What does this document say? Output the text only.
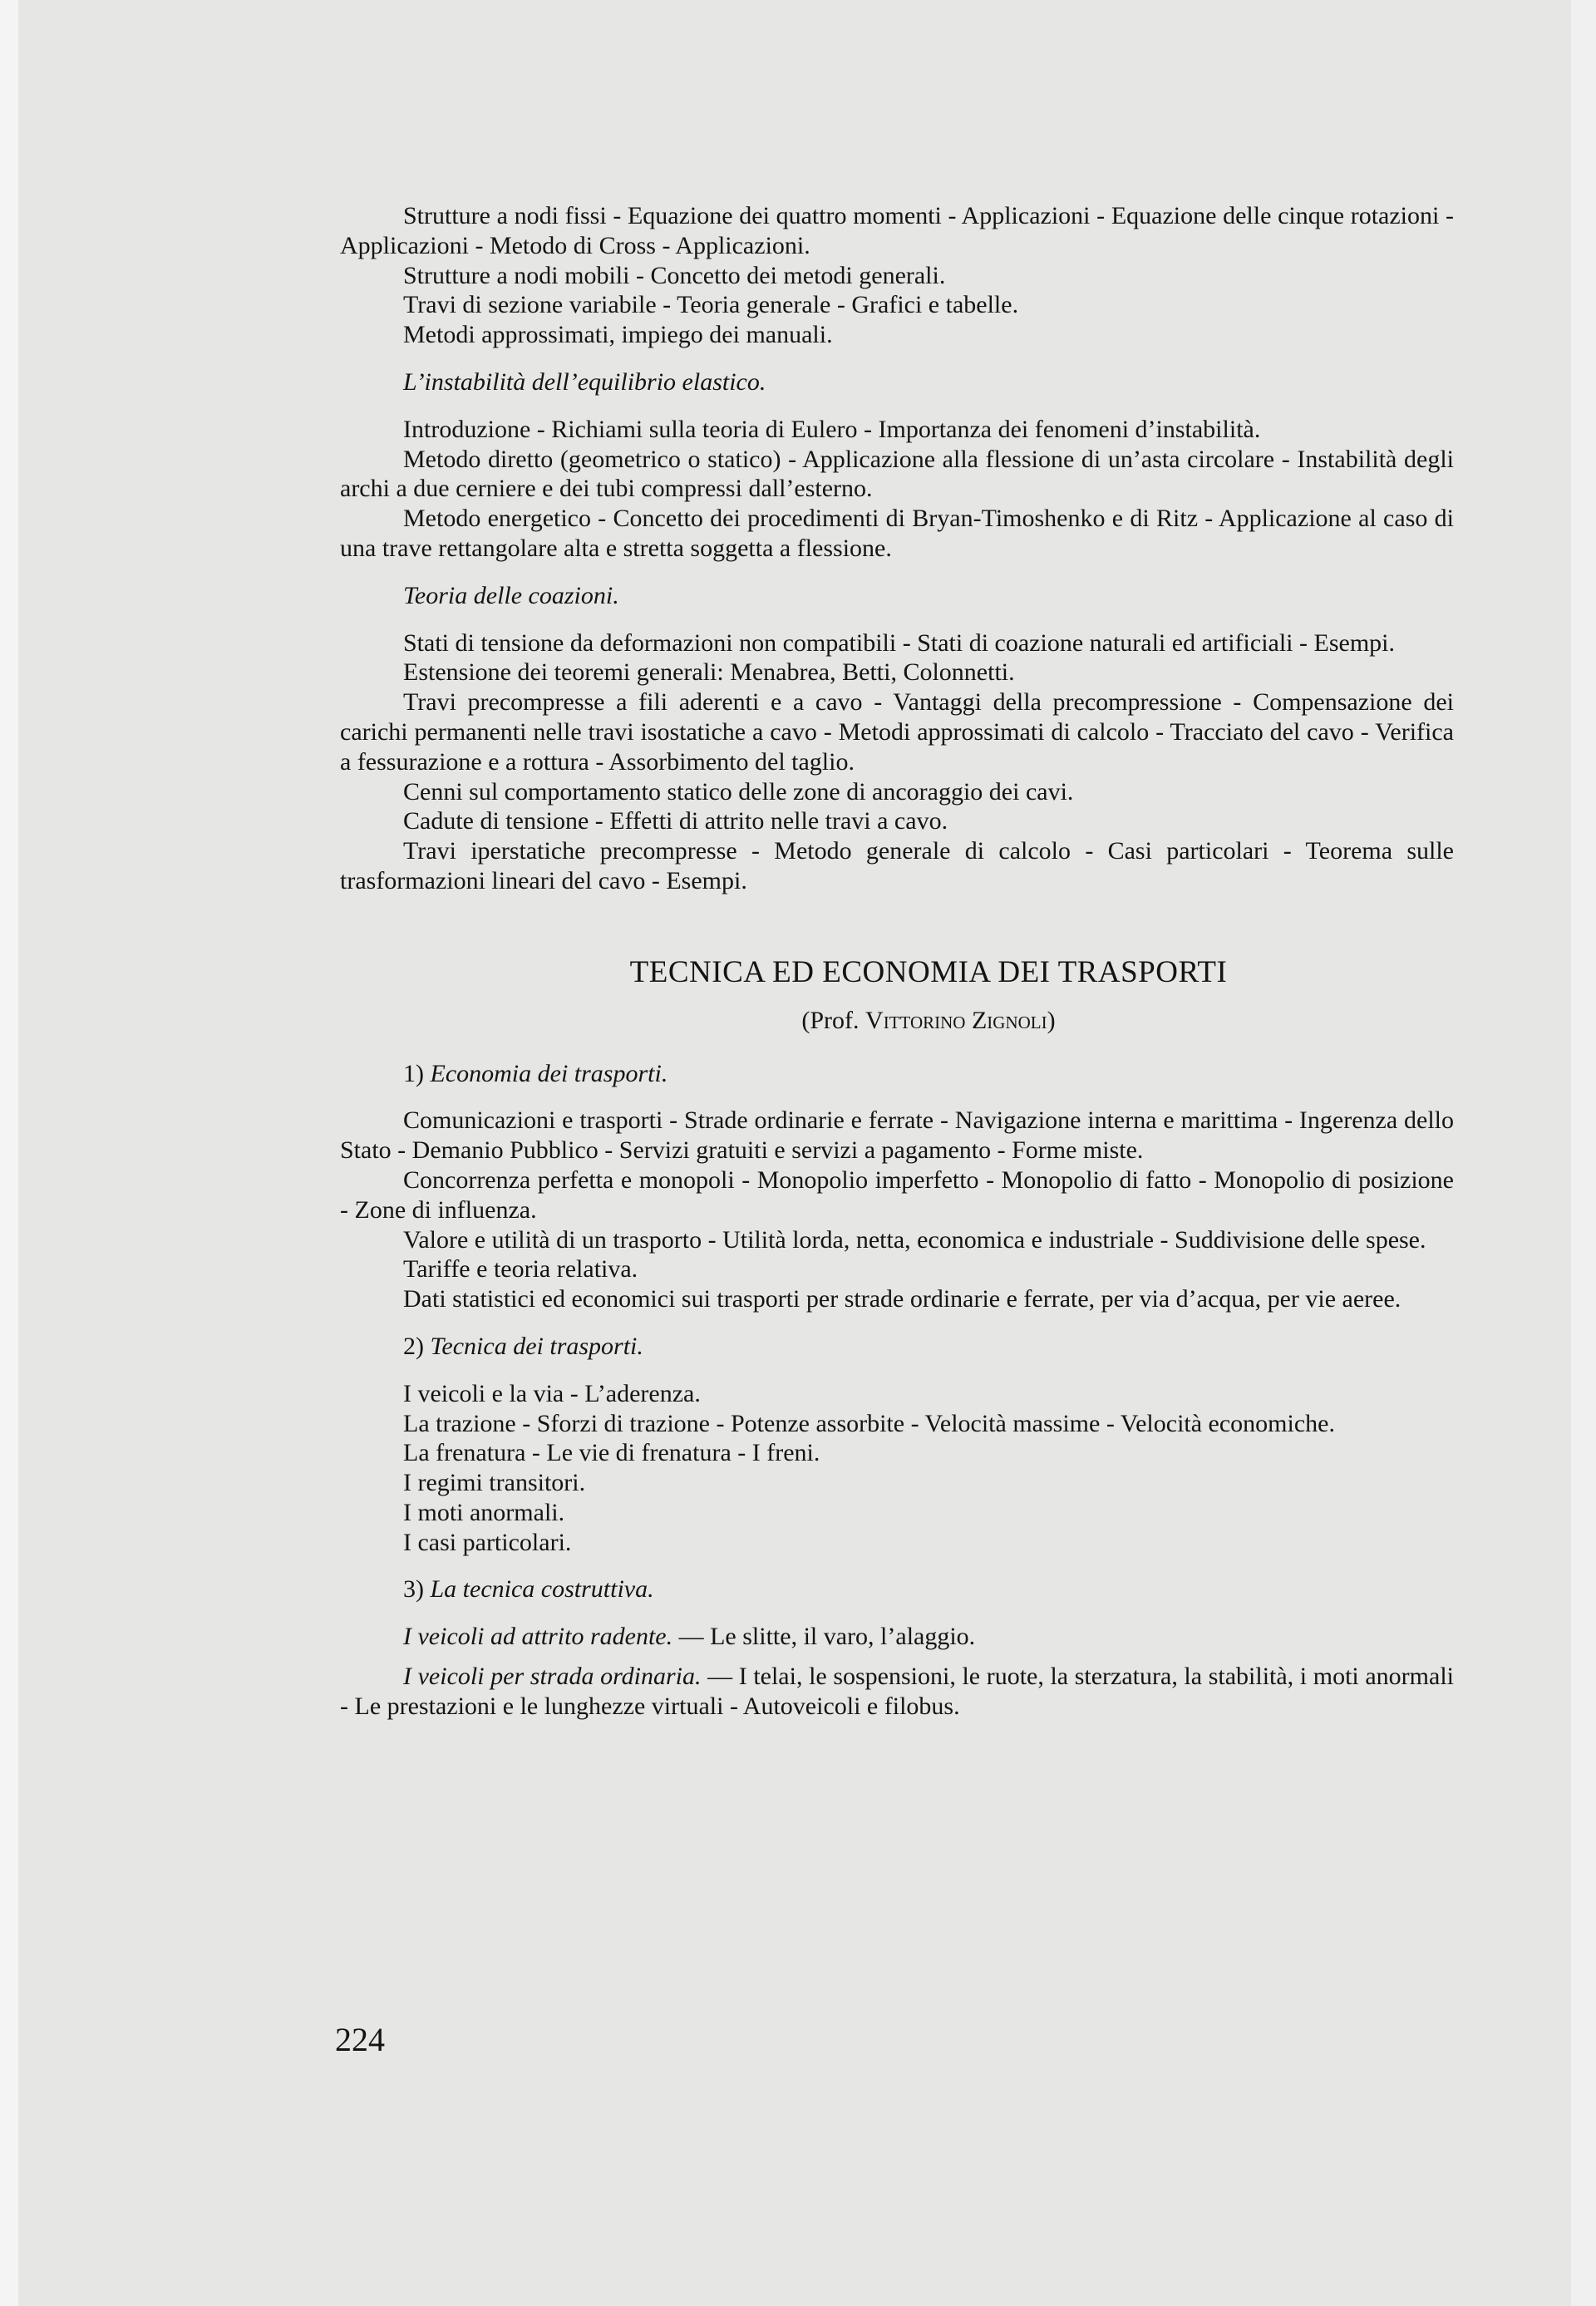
Strutture a nodi fissi - Equazione dei quattro momenti - Applicazioni - Equazione delle cinque rotazioni - Applicazioni - Metodo di Cross - Applicazioni.

Strutture a nodi mobili - Concetto dei metodi generali.

Travi di sezione variabile - Teoria generale - Grafici e tabelle.

Metodi approssimati, impiego dei manuali.

L’instabilità dell’equilibrio elastico.

Introduzione - Richiami sulla teoria di Eulero - Importanza dei fenomeni d’instabilità.

Metodo diretto (geometrico o statico) - Applicazione alla flessione di un’asta circolare - Instabilità degli archi a due cerniere e dei tubi compressi dall’esterno.

Metodo energetico - Concetto dei procedimenti di Bryan-Timoshenko e di Ritz - Applicazione al caso di una trave rettangolare alta e stretta soggetta a flessione.

Teoria delle coazioni.

Stati di tensione da deformazioni non compatibili - Stati di coazione naturali ed artificiali - Esempi.

Estensione dei teoremi generali: Menabrea, Betti, Colonnetti.

Travi precompresse a fili aderenti e a cavo - Vantaggi della precompressione - Compensazione dei carichi permanenti nelle travi isostatiche a cavo - Metodi approssimati di calcolo - Tracciato del cavo - Verifica a fessurazione e a rottura - Assorbimento del taglio.

Cenni sul comportamento statico delle zone di ancoraggio dei cavi.

Cadute di tensione - Effetti di attrito nelle travi a cavo.

Travi iperstatiche precompresse - Metodo generale di calcolo - Casi particolari - Teorema sulle trasformazioni lineari del cavo - Esempi.

TECNICA ED ECONOMIA DEI TRASPORTI

(Prof. Vittorino Zignoli)

1) Economia dei trasporti.

Comunicazioni e trasporti - Strade ordinarie e ferrate - Navigazione interna e marittima - Ingerenza dello Stato - Demanio Pubblico - Servizi gratuiti e servizi a pagamento - Forme miste.

Concorrenza perfetta e monopoli - Monopolio imperfetto - Monopolio di fatto - Monopolio di posizione - Zone di influenza.

Valore e utilità di un trasporto - Utilità lorda, netta, economica e industriale - Suddivisione delle spese.

Tariffe e teoria relativa.

Dati statistici ed economici sui trasporti per strade ordinarie e ferrate, per via d’acqua, per vie aeree.

2) Tecnica dei trasporti.

I veicoli e la via - L’aderenza.

La trazione - Sforzi di trazione - Potenze assorbite - Velocità massime - Velocità economiche.

La frenatura - Le vie di frenatura - I freni.

I regimi transitori.

I moti anormali.

I casi particolari.

3) La tecnica costruttiva.

I veicoli ad attrito radente. — Le slitte, il varo, l’alaggio.

I veicoli per strada ordinaria. — I telai, le sospensioni, le ruote, la sterzatura, la stabilità, i moti anormali - Le prestazioni e le lunghezze virtuali - Autoveicoli e filobus.

224
